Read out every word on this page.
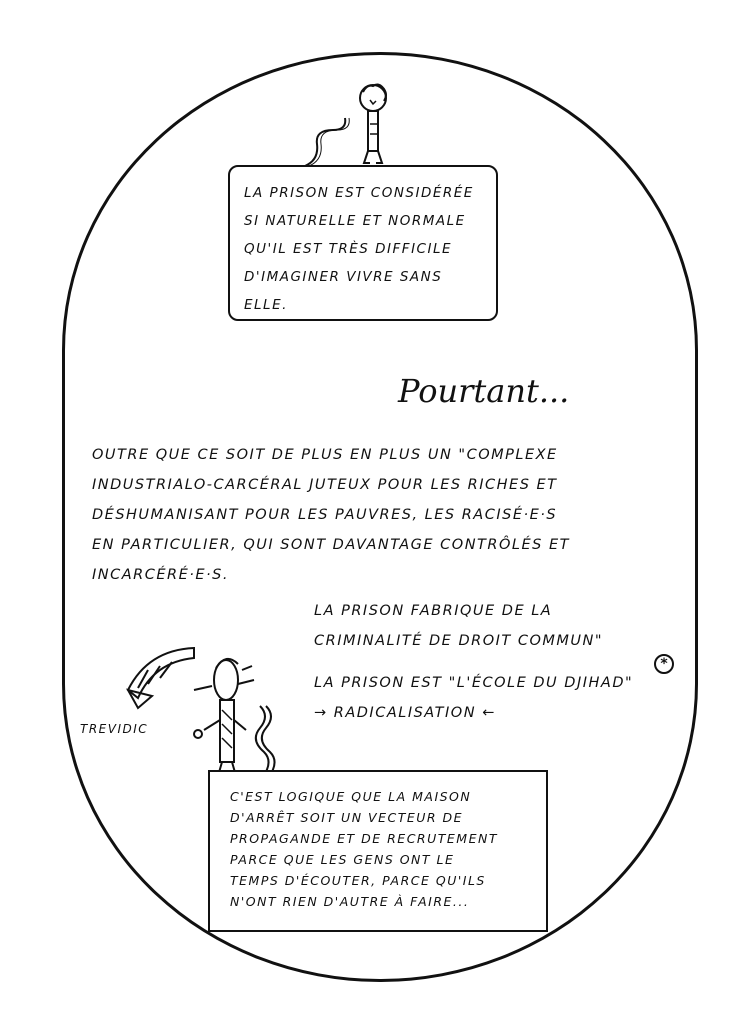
LA PRISON EST CONSIDÉRÉE

SI NATURELLE ET NORMALE

QU'IL EST TRÈS DIFFICILE

D'IMAGINER VIVRE SANS

ELLE.

Pourtant...
OUTRE QUE CE SOIT DE PLUS EN PLUS UN "COMPLEXE
INDUSTRIALO-CARCÉRAL JUTEUX POUR LES RICHES ET
DÉSHUMANISANT POUR LES PAUVRES, LES RACISÉ·E·S
EN PARTICULIER, QUI SONT DAVANTAGE CONTRÔLÉS ET
INCARCÉRÉ·E·S.
LA PRISON FABRIQUE DE LA
CRIMINALITÉ DE DROIT COMMUN"
LA PRISON EST "L'ÉCOLE DU DJIHAD"
→ RADICALISATION ←
*
TREVIDIC

C'EST LOGIQUE QUE LA MAISON

D'ARRÊT SOIT UN VECTEUR DE

PROPAGANDE ET DE RECRUTEMENT

PARCE QUE LES GENS ONT LE

TEMPS D'ÉCOUTER, PARCE QU'ILS

N'ONT RIEN D'AUTRE À FAIRE...
